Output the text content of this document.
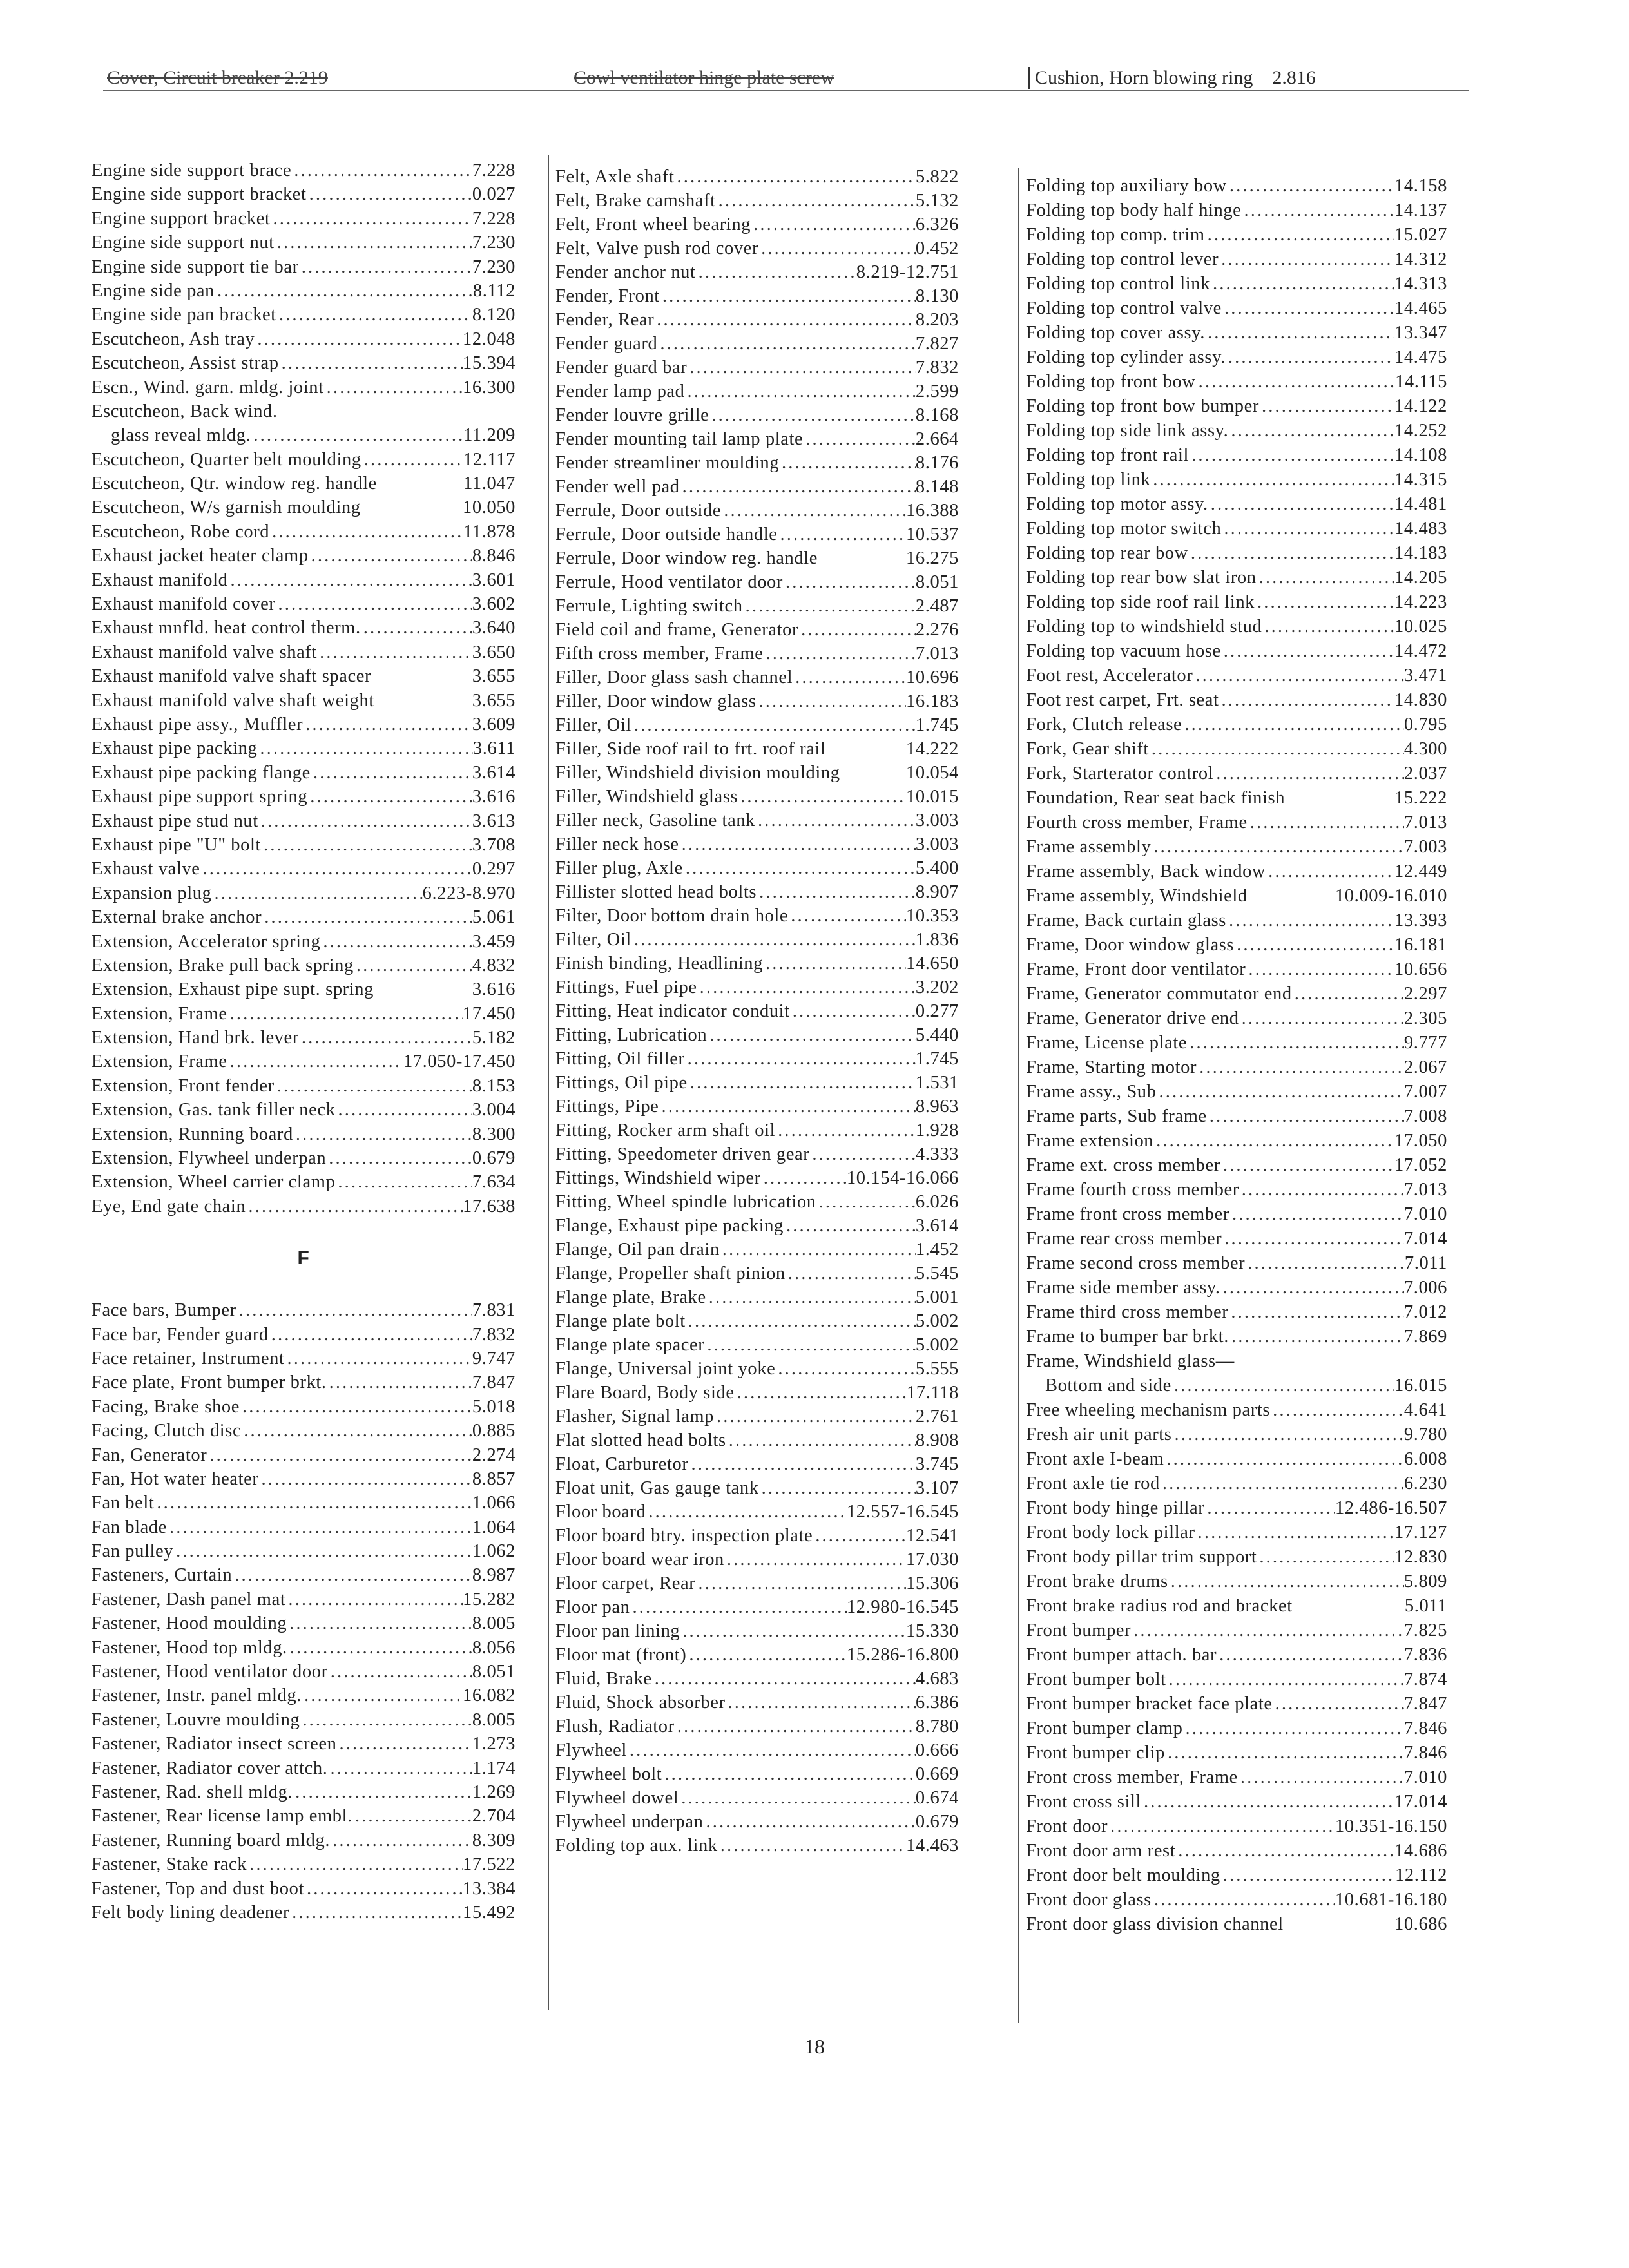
Cover, Circuit breaker 2.219	Cowl ventilator hinge plate screw	Cushion, Horn blowing ring 2.816
Engine side support brace . . .	7.228
Engine side support bracket . . .	0.027
Engine support bracket . . .	7.228
Engine side support nut . . .	7.230
Engine side support tie bar . . .	7.230
Engine side pan . . .	8.112
Engine side pan bracket . . .	8.120
Escutcheon, Ash tray . . .	12.048
Escutcheon, Assist strap . . .	15.394
Escn., Wind. garn. mldg. joint . . .	16.300
Escutcheon, Back wind.
glass reveal mldg. . . .	11.209
Escutcheon, Quarter belt moulding . . .	12.117
Escutcheon, Qtr. window reg. handle	11.047
Escutcheon, W/s garnish moulding	10.050
Escutcheon, Robe cord . . .	11.878
Exhaust jacket heater clamp . . .	8.846
Exhaust manifold . . .	3.601
Exhaust manifold cover . . .	3.602
Exhaust mnfld. heat control therm. . . .	3.640
Exhaust manifold valve shaft . . .	3.650
Exhaust manifold valve shaft spacer	3.655
Exhaust manifold valve shaft weight	3.655
Exhaust pipe assy., Muffler . . .	3.609
Exhaust pipe packing . . .	3.611
Exhaust pipe packing flange . . .	3.614
Exhaust pipe support spring . . .	3.616
Exhaust pipe stud nut . . .	3.613
Exhaust pipe "U" bolt . . .	3.708
Exhaust valve . . .	0.297
Expansion plug . . .	6.223-8.970
External brake anchor . . .	5.061
Extension, Accelerator spring . . .	3.459
Extension, Brake pull back spring . . .	4.832
Extension, Exhaust pipe supt. spring	3.616
Extension, Frame . . .	17.450
Extension, Hand brk. lever . . .	5.182
Extension, Frame . . .	17.050-17.450
Extension, Front fender . . .	8.153
Extension, Gas. tank filler neck . . .	3.004
Extension, Running board . . .	8.300
Extension, Flywheel underpan . . .	0.679
Extension, Wheel carrier clamp . . .	7.634
Eye, End gate chain . . .	17.638
F
Face bars, Bumper . . .	7.831
Face bar, Fender guard . . .	7.832
Face retainer, Instrument . . .	9.747
Face plate, Front bumper brkt. . . .	7.847
Facing, Brake shoe . . .	5.018
Facing, Clutch disc . . .	0.885
Fan, Generator . . .	2.274
Fan, Hot water heater . . .	8.857
Fan belt . . .	1.066
Fan blade . . .	1.064
Fan pulley . . .	1.062
Fasteners, Curtain . . .	8.987
Fastener, Dash panel mat . . .	15.282
Fastener, Hood moulding . . .	8.005
Fastener, Hood top mldg. . . .	8.056
Fastener, Hood ventilator door . . .	8.051
Fastener, Instr. panel mldg. . . .	16.082
Fastener, Louvre moulding . . .	8.005
Fastener, Radiator insect screen . . .	1.273
Fastener, Radiator cover attch. . . .	1.174
Fastener, Rad. shell mldg. . . .	1.269
Fastener, Rear license lamp embl. . . .	2.704
Fastener, Running board mldg. . . .	8.309
Fastener, Stake rack . . .	17.522
Fastener, Top and dust boot . . .	13.384
Felt body lining deadener . . .	15.492
Felt, Axle shaft . . .	5.822
Felt, Brake camshaft . . .	5.132
Felt, Front wheel bearing . . .	6.326
Felt, Valve push rod cover . . .	0.452
Fender anchor nut . . .	8.219-12.751
Fender, Front . . .	8.130
Fender, Rear . . .	8.203
Fender guard . . .	7.827
Fender guard bar . . .	7.832
Fender lamp pad . . .	2.599
Fender louvre grille . . .	8.168
Fender mounting tail lamp plate . . .	2.664
Fender streamliner moulding . . .	8.176
Fender well pad . . .	8.148
Ferrule, Door outside . . .	16.388
Ferrule, Door outside handle . . .	10.537
Ferrule, Door window reg. handle	16.275
Ferrule, Hood ventilator door . . .	8.051
Ferrule, Lighting switch . . .	2.487
Field coil and frame, Generator . . .	2.276
Fifth cross member, Frame . . .	7.013
Filler, Door glass sash channel . . .	10.696
Filler, Door window glass . . .	16.183
Filler, Oil . . .	1.745
Filler, Side roof rail to frt. roof rail	14.222
Filler, Windshield division moulding	10.054
Filler, Windshield glass . . .	10.015
Filler neck, Gasoline tank . . .	3.003
Filler neck hose . . .	3.003
Filler plug, Axle . . .	5.400
Fillister slotted head bolts . . .	8.907
Filter, Door bottom drain hole . . .	10.353
Filter, Oil . . .	1.836
Finish binding, Headlining . . .	14.650
Fittings, Fuel pipe . . .	3.202
Fitting, Heat indicator conduit . . .	0.277
Fitting, Lubrication . . .	5.440
Fitting, Oil filler . . .	1.745
Fittings, Oil pipe . . .	1.531
Fittings, Pipe . . .	8.963
Fitting, Rocker arm shaft oil . . .	1.928
Fitting, Speedometer driven gear . . .	4.333
Fittings, Windshield wiper . . .	10.154-16.066
Fitting, Wheel spindle lubrication . . .	6.026
Flange, Exhaust pipe packing . . .	3.614
Flange, Oil pan drain . . .	1.452
Flange, Propeller shaft pinion . . .	5.545
Flange plate, Brake . . .	5.001
Flange plate bolt . . .	5.002
Flange plate spacer . . .	5.002
Flange, Universal joint yoke . . .	5.555
Flare Board, Body side . . .	17.118
Flasher, Signal lamp . . .	2.761
Flat slotted head bolts . . .	8.908
Float, Carburetor . . .	3.745
Float unit, Gas gauge tank . . .	3.107
Floor board . . .	12.557-16.545
Floor board btry. inspection plate . . .	12.541
Floor board wear iron . . .	17.030
Floor carpet, Rear . . .	15.306
Floor pan . . .	12.980-16.545
Floor pan lining . . .	15.330
Floor mat (front) . . .	15.286-16.800
Fluid, Brake . . .	4.683
Fluid, Shock absorber . . .	6.386
Flush, Radiator . . .	8.780
Flywheel . . .	0.666
Flywheel bolt . . .	0.669
Flywheel dowel . . .	0.674
Flywheel underpan . . .	0.679
Folding top aux. link . . .	14.463
Folding top auxiliary bow . . .	14.158
Folding top body half hinge . . .	14.137
Folding top comp. trim . . .	15.027
Folding top control lever . . .	14.312
Folding top control link . . .	14.313
Folding top control valve . . .	14.465
Folding top cover assy. . . .	13.347
Folding top cylinder assy. . . .	14.475
Folding top front bow . . .	14.115
Folding top front bow bumper . . .	14.122
Folding top side link assy. . . .	14.252
Folding top front rail . . .	14.108
Folding top link . . .	14.315
Folding top motor assy. . . .	14.481
Folding top motor switch . . .	14.483
Folding top rear bow . . .	14.183
Folding top rear bow slat iron . . .	14.205
Folding top side roof rail link . . .	14.223
Folding top to windshield stud . . .	10.025
Folding top vacuum hose . . .	14.472
Foot rest, Accelerator . . .	3.471
Foot rest carpet, Frt. seat . . .	14.830
Fork, Clutch release . . .	0.795
Fork, Gear shift . . .	4.300
Fork, Starterator control . . .	2.037
Foundation, Rear seat back finish	15.222
Fourth cross member, Frame . . .	7.013
Frame assembly . . .	7.003
Frame assembly, Back window . . .	12.449
Frame assembly, Windshield	10.009-16.010
Frame, Back curtain glass . . .	13.393
Frame, Door window glass . . .	16.181
Frame, Front door ventilator . . .	10.656
Frame, Generator commutator end . . .	2.297
Frame, Generator drive end . . .	2.305
Frame, License plate . . .	9.777
Frame, Starting motor . . .	2.067
Frame assy., Sub . . .	7.007
Frame parts, Sub frame . . .	7.008
Frame extension . . .	17.050
Frame ext. cross member . . .	17.052
Frame fourth cross member . . .	7.013
Frame front cross member . . .	7.010
Frame rear cross member . . .	7.014
Frame second cross member . . .	7.011
Frame side member assy. . . .	7.006
Frame third cross member . . .	7.012
Frame to bumper bar brkt. . . .	7.869
Frame, Windshield glass—
Bottom and side . . .	16.015
Free wheeling mechanism parts . . .	4.641
Fresh air unit parts . . .	9.780
Front axle I-beam . . .	6.008
Front axle tie rod . . .	6.230
Front body hinge pillar . . .	12.486-16.507
Front body lock pillar . . .	17.127
Front body pillar trim support . . .	12.830
Front brake drums . . .	5.809
Front brake radius rod and bracket	5.011
Front bumper . . .	7.825
Front bumper attach. bar . . .	7.836
Front bumper bolt . . .	7.874
Front bumper bracket face plate . . .	7.847
Front bumper clamp . . .	7.846
Front bumper clip . . .	7.846
Front cross member, Frame . . .	7.010
Front cross sill . . .	17.014
Front door . . .	10.351-16.150
Front door arm rest . . .	14.686
Front door belt moulding . . .	12.112
Front door glass . . .	10.681-16.180
Front door glass division channel	10.686
18
